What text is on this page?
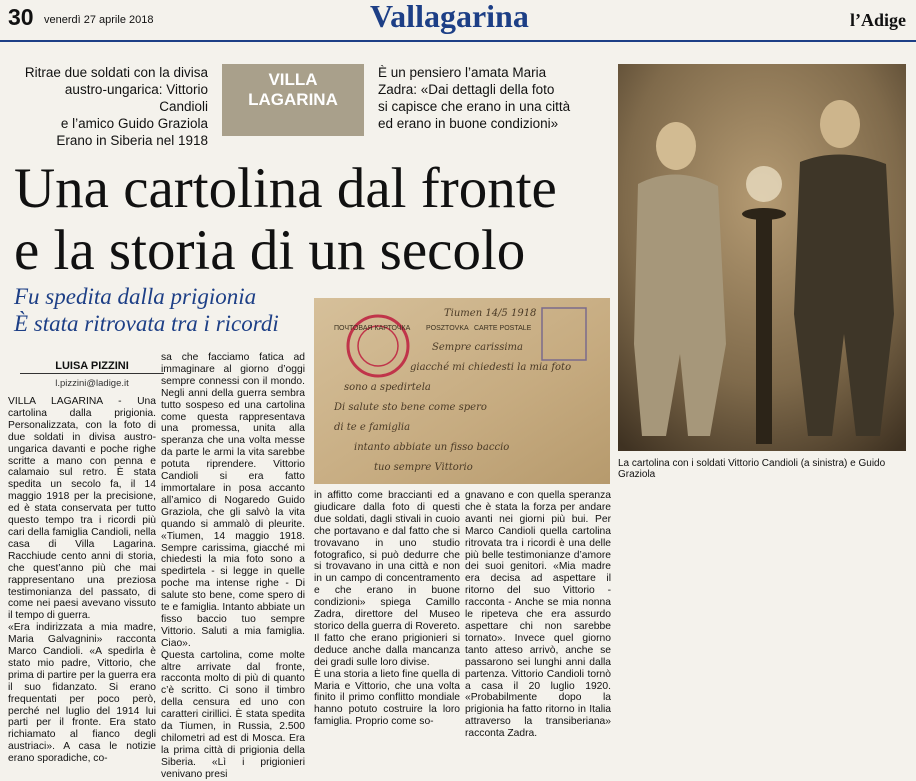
30 venerdì 27 aprile 2018	Vallagarina	l’Adige
Ritrae due soldati con la divisa
austro-ungarica: Vittorio Candioli
e l’amico Guido Graziola
Erano in Siberia nel 1918
VILLA LAGARINA
È un pensiero l’amata Maria
Zadra: «Dai dettagli della foto
si capisce che erano in una città
ed erano in buone condizioni»
Una cartolina dal fronte
e la storia di un secolo
Fu spedita dalla prigionia
È stata ritrovata tra i ricordi
LUISA PIZZINI
l.pizzini@ladige.it

VILLA LAGARINA - Una cartolina dalla prigionia. Personalizzata, con la foto di due soldati in divisa austro-ungarica davanti e poche righe scritte a mano con penna e calamaio sul retro. È stata spedita un secolo fa, il 14 maggio 1918 per la precisione, ed è stata conservata per tutto questo tempo tra i ricordi più cari della famiglia Candioli, nella casa di Villa Lagarina. Racchiude cento anni di storia, che quest’anno più che mai rappresentano una preziosa testimonianza del passato, di come nei paesi avevano vissuto il tempo di guerra.

«Era indirizzata a mia madre, Maria Galvagnini» racconta Marco Candioli. «A spedirla è stato mio padre, Vittorio, che prima di partire per la guerra era il suo fidanzato. Si erano frequentati per poco però, perché nel luglio del 1914 lui parti per il fronte. Era stato richiamato al fianco degli austriaci». A casa le notizie erano sporadiche, co-

sa che facciamo fatica ad immaginare al giorno d’oggi sempre connessi con il mondo. Negli anni della guerra sembra tutto sospeso ed una cartolina come questa rappresentava una promessa, unita alla speranza che una volta messe da parte le armi la vita sarebbe potuta riprendere. Vittorio Candioli si era fatto immortalare in posa accanto all’amico di Nogaredo Guido Graziola, che gli salvò la vita quando si ammalò di pleurite. «Tiumen, 14 maggio 1918. Sempre carissima, giacché mi chiedesti la mia foto sono a spedirtela - si legge in quelle poche ma intense righe - Di salute sto bene, come spero di te e famiglia. Intanto abbiate un fisso baccio tuo sempre Vittorio. Saluti a mia famiglia. Ciao».

Questa cartolina, come molte altre arrivate dal fronte, racconta molto di più di quanto c’è scritto. Ci sono il timbro della censura ed uno con caratteri cirillici. È stata spedita da Tiumen, in Russia, 2.500 chilometri ad est di Mosca. Era la prima città di prigionia della Siberia. «Lì i prigionieri venivano presi

in affitto come braccianti ed a giudicare dalla foto di questi due soldati, dagli stivali in cuoio che portavano e dal fatto che si trovavano in uno studio fotografico, si può dedurre che si trovavano in una città e non in un campo di concentramento e che erano in buone condizioni» spiega Camillo Zadra, direttore del Museo storico della guerra di Rovereto. Il fatto che erano prigionieri si deduce anche dalla mancanza dei gradi sulle loro divise.

È una storia a lieto fine quella di Maria e Vittorio, che una volta finito il primo conflitto mondiale hanno potuto costruire la loro famiglia. Proprio come so-

gnavano e con quella speranza che è stata la forza per andare avanti nei giorni più bui. Per Marco Candioli quella cartolina ritrovata tra i ricordi è una delle più belle testimonianze d’amore dei suoi genitori. «Mia madre era decisa ad aspettare il ritorno del suo Vittorio - racconta - Anche se mia nonna le ripeteva che era assurdo aspettare chi non sarebbe tornato». Invece quel giorno tanto atteso arrivò, anche se passarono sei lunghi anni dalla partenza. Vittorio Candioli tornò a casa il 20 luglio 1920. «Probabilmente dopo la prigionia ha fatto ritorno in Italia attraverso la transiberiana» racconta Zadra.

ПОЧТОВАЯ КАРТОЧКА POSZTOVKA CARTE POSTALE
Tiumen 14/5 1918
Sempre carissima
giacché mi chiedesti la mia foto
sono a spedirtela
Di salute sto bene come spero
di te e famiglia
intanto abbiate un fisso baccio
tuo sempre Vittorio	La cartolina con i soldati Vittorio Candioli (a sinistra) e Guido Graziola
